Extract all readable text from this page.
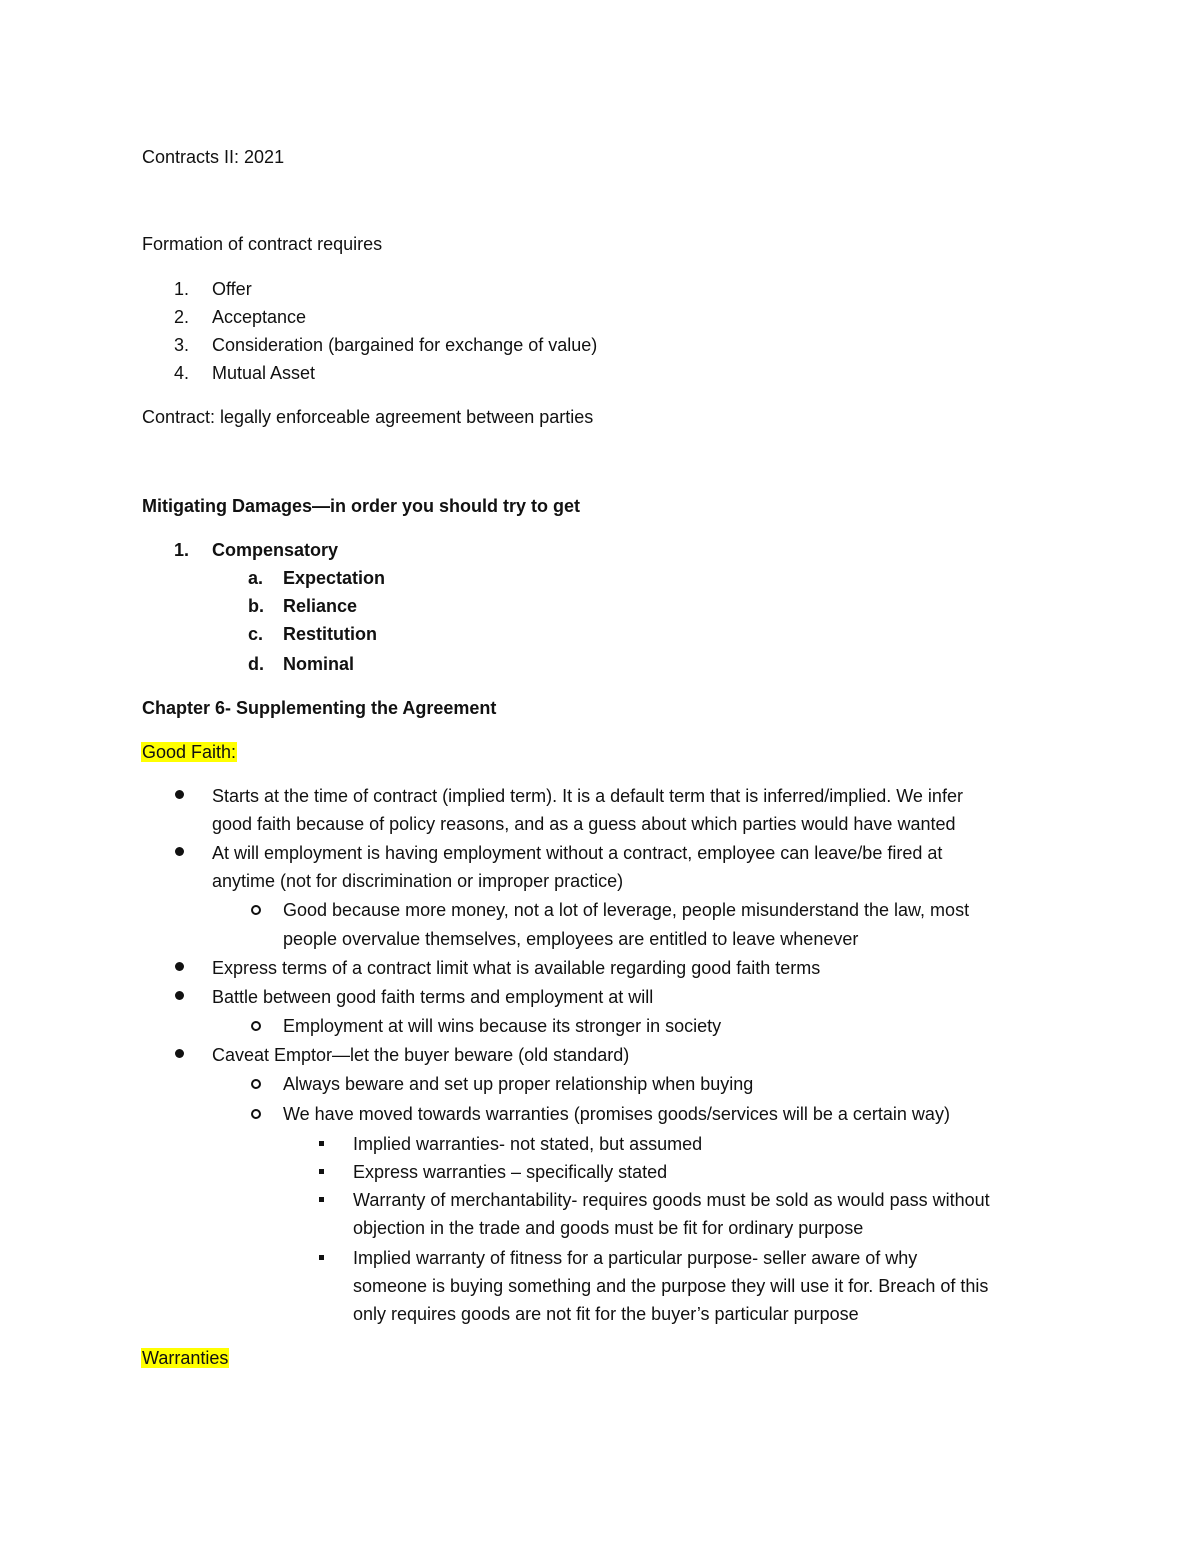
Contracts II: 2021
Formation of contract requires
1. Offer
2. Acceptance
3. Consideration (bargained for exchange of value)
4. Mutual Asset
Contract: legally enforceable agreement between parties
Mitigating Damages—in order you should try to get
1. Compensatory
a. Expectation
b. Reliance
c. Restitution
d. Nominal
Chapter 6- Supplementing the Agreement
Good Faith:
Starts at the time of contract (implied term). It is a default term that is inferred/implied. We infer
good faith because of policy reasons, and as a guess about which parties would have wanted
At will employment is having employment without a contract, employee can leave/be fired at
anytime (not for discrimination or improper practice)
Good because more money, not a lot of leverage, people misunderstand the law, most
people overvalue themselves, employees are entitled to leave whenever
Express terms of a contract limit what is available regarding good faith terms
Battle between good faith terms and employment at will
Employment at will wins because its stronger in society
Caveat Emptor—let the buyer beware (old standard)
Always beware and set up proper relationship when buying
We have moved towards warranties (promises goods/services will be a certain way)
Implied warranties- not stated, but assumed
Express warranties – specifically stated
Warranty of merchantability- requires goods must be sold as would pass without
objection in the trade and goods must be fit for ordinary purpose
Implied warranty of fitness for a particular purpose- seller aware of why
someone is buying something and the purpose they will use it for. Breach of this
only requires goods are not fit for the buyer’s particular purpose
Warranties
